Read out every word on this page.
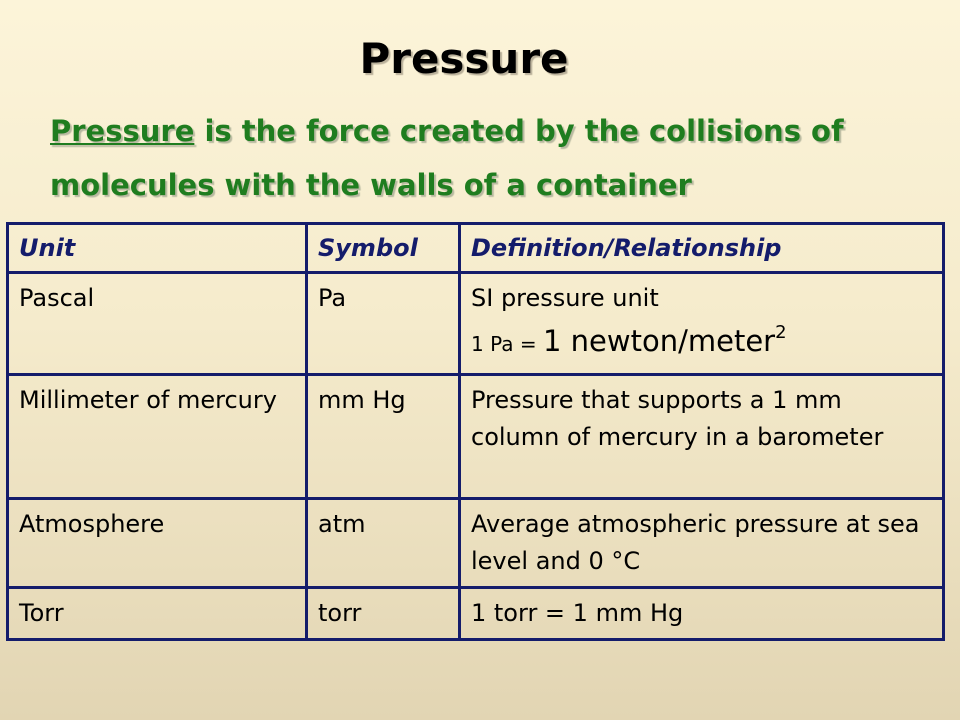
Pressure
Pressure is the force created by the collisions of molecules with the walls of a container
Unit	Symbol	Definition/Relationship
Pascal	Pa	SI pressure unit
1 Pa = 1 newton/meter$^2$

Millimeter of mercury	mm Hg	Pressure that supports a 1 mm column of mercury in a barometer
Atmosphere	atm	Average atmospheric pressure at sea level and 0 °C
Torr	torr	1 torr = 1 mm Hg
